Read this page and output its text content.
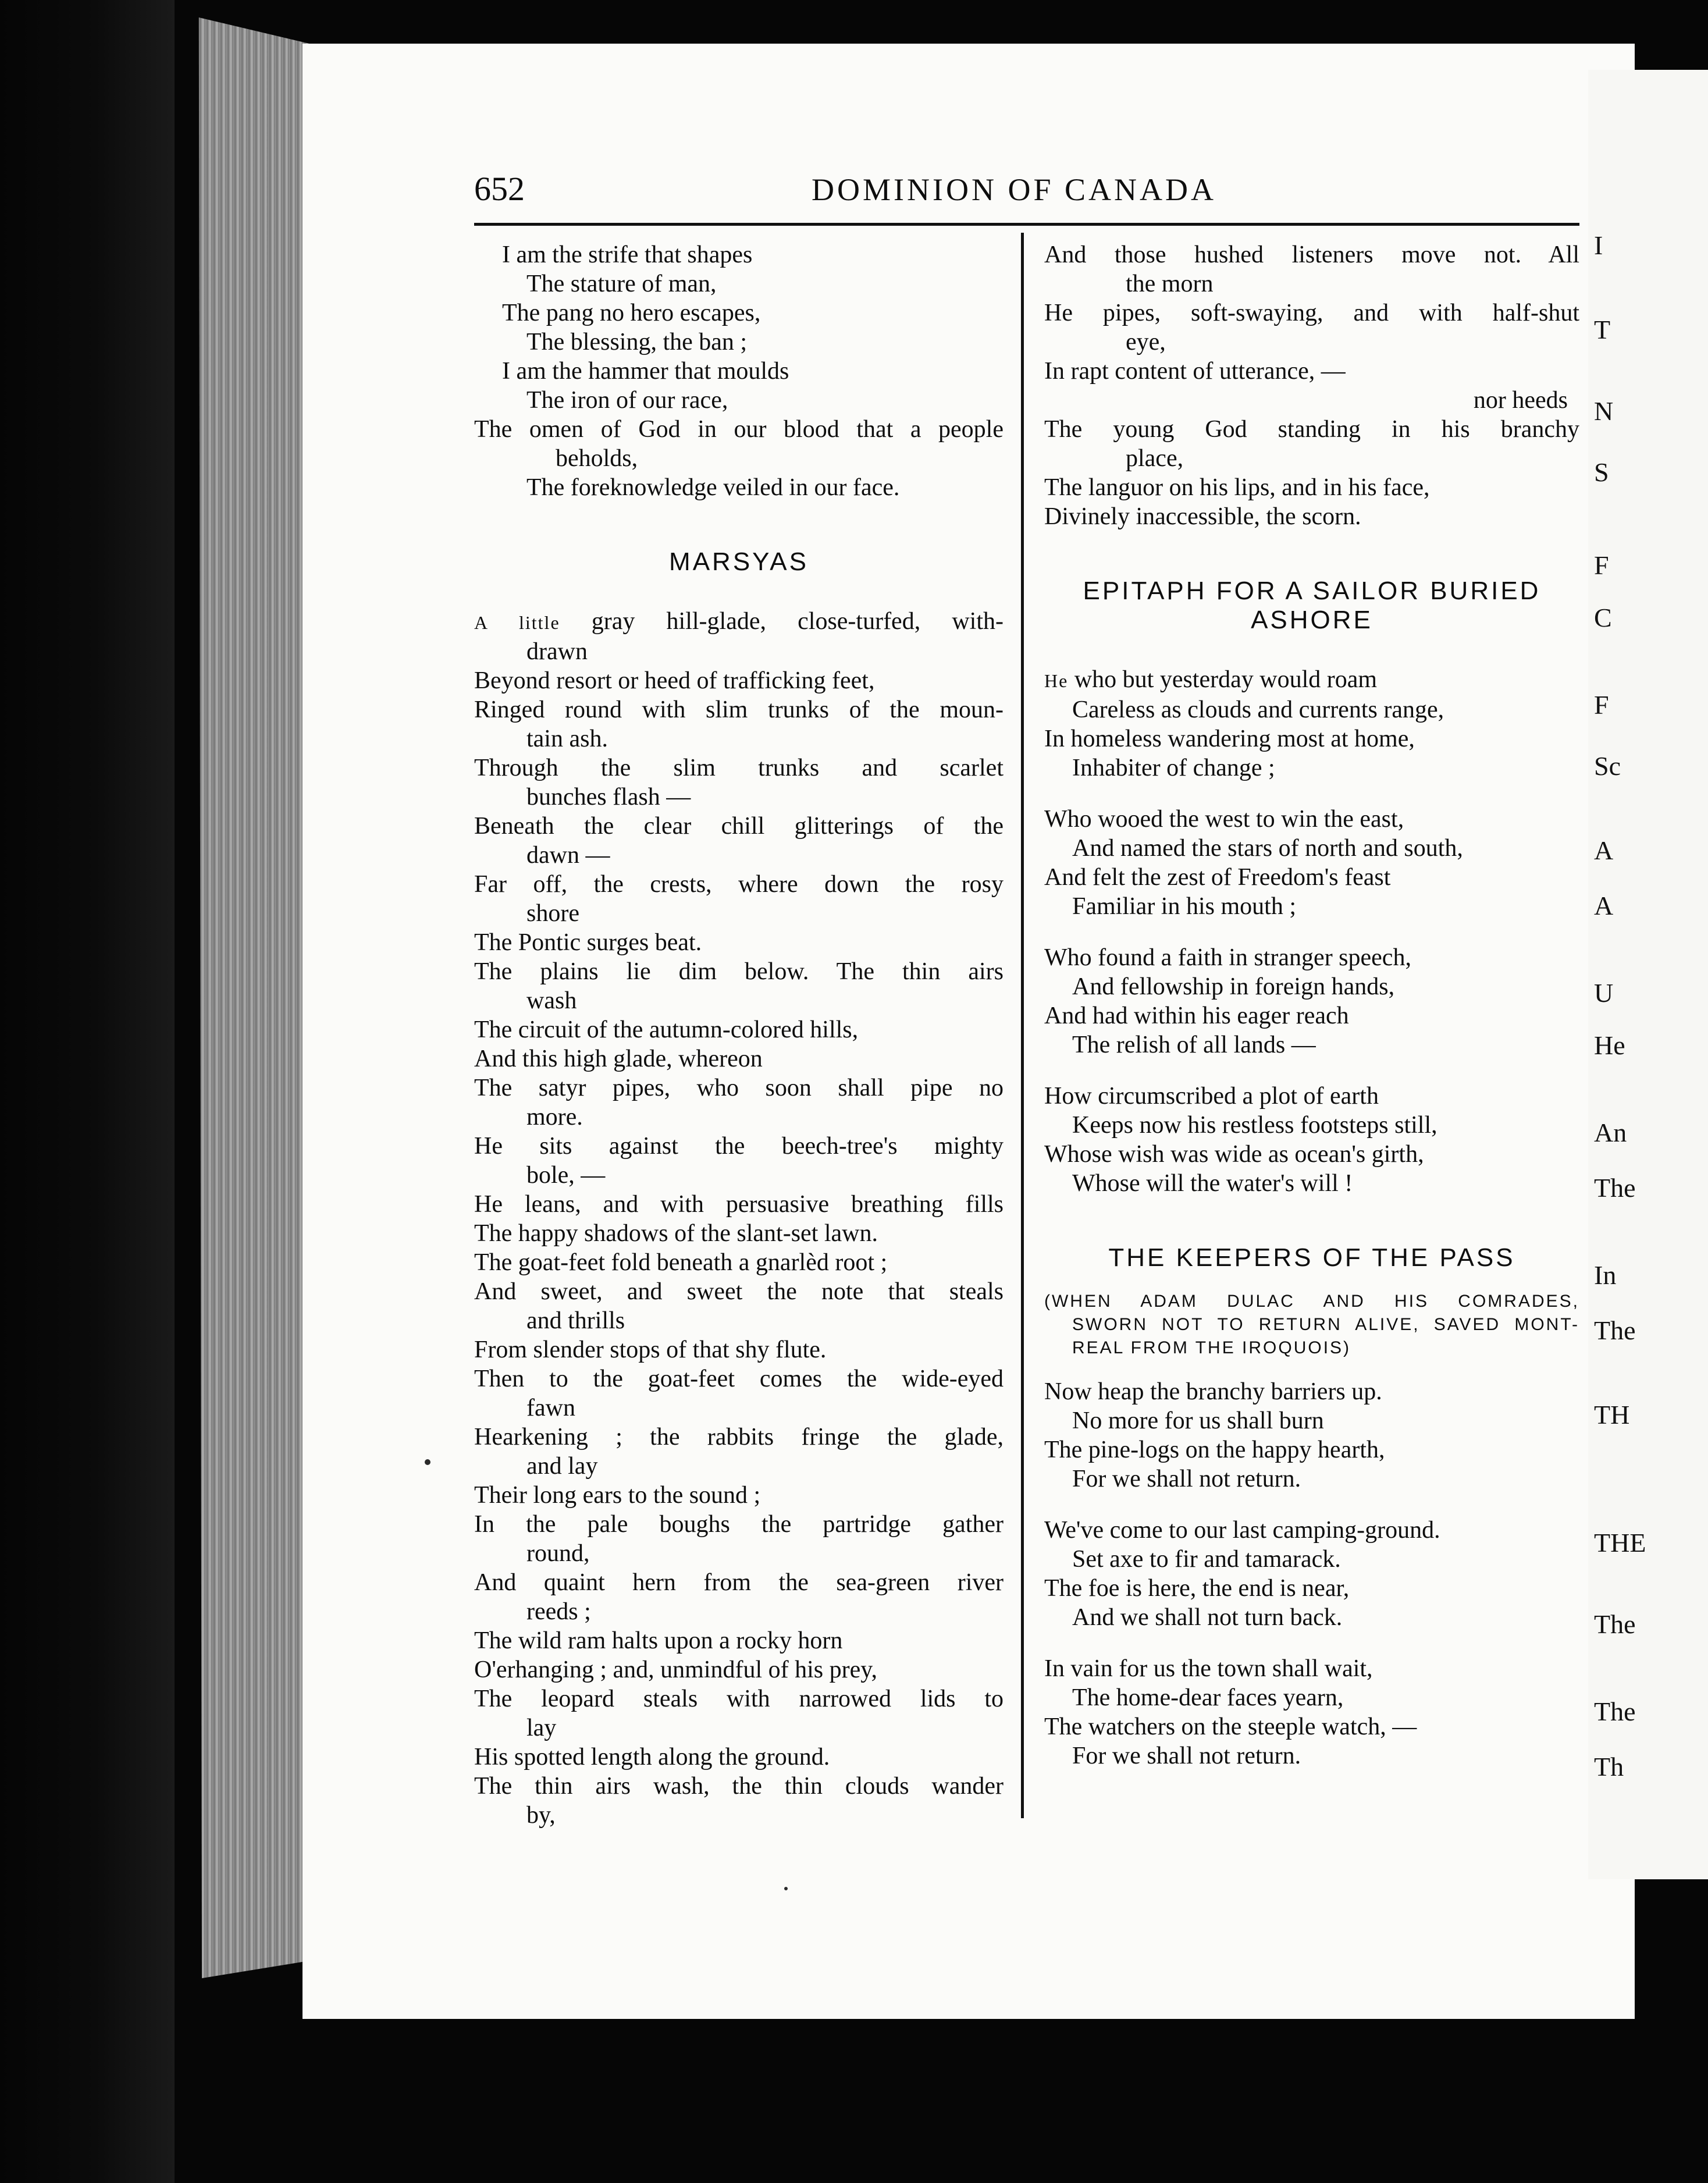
I
T
N
S
F
C
F
Sc
A
A
U
He
An
The
In
The
TH
THE
The
The
Th
652	DOMINION OF CANADA
I am the strife that shapes
The stature of man,
The pang no hero escapes,
The blessing, the ban ;
I am the hammer that moulds
The iron of our race,
The omen of God in our blood that a people
beholds,
The foreknowledge veiled in our face.
MARSYAS
A little gray hill-glade, close-turfed, with-
drawn
Beyond resort or heed of trafficking feet,
Ringed round with slim trunks of the moun-
tain ash.
Through the slim trunks and scarlet
bunches flash —
Beneath the clear chill glitterings of the
dawn —
Far off, the crests, where down the rosy
shore
The Pontic surges beat.
The plains lie dim below. The thin airs
wash
The circuit of the autumn-colored hills,
And this high glade, whereon
The satyr pipes, who soon shall pipe no
more.
He sits against the beech-tree's mighty
bole, —
He leans, and with persuasive breathing fills
The happy shadows of the slant-set lawn.
The goat-feet fold beneath a gnarlèd root ;
And sweet, and sweet the note that steals
and thrills
From slender stops of that shy flute.
Then to the goat-feet comes the wide-eyed
fawn
Hearkening ; the rabbits fringe the glade,
and lay
Their long ears to the sound ;
In the pale boughs the partridge gather
round,
And quaint hern from the sea-green river
reeds ;
The wild ram halts upon a rocky horn
O'erhanging ; and, unmindful of his prey,
The leopard steals with narrowed lids to
lay
His spotted length along the ground.
The thin airs wash, the thin clouds wander
by,
And those hushed listeners move not. All
the morn
He pipes, soft-swaying, and with half-shut
eye,
In rapt content of utterance, —
nor heeds
The young God standing in his branchy
place,
The languor on his lips, and in his face,
Divinely inaccessible, the scorn.
EPITAPH FOR A SAILOR BURIED
ASHORE
He who but yesterday would roam
Careless as clouds and currents range,
In homeless wandering most at home,
Inhabiter of change ;
Who wooed the west to win the east,
And named the stars of north and south,
And felt the zest of Freedom's feast
Familiar in his mouth ;
Who found a faith in stranger speech,
And fellowship in foreign hands,
And had within his eager reach
The relish of all lands —
How circumscribed a plot of earth
Keeps now his restless footsteps still,
Whose wish was wide as ocean's girth,
Whose will the water's will !
THE KEEPERS OF THE PASS
(WHEN ADAM DULAC AND HIS COMRADES,
SWORN NOT TO RETURN ALIVE, SAVED MONT-
REAL FROM THE IROQUOIS)
Now heap the branchy barriers up.
No more for us shall burn
The pine-logs on the happy hearth,
For we shall not return.
We've come to our last camping-ground.
Set axe to fir and tamarack.
The foe is here, the end is near,
And we shall not turn back.
In vain for us the town shall wait,
The home-dear faces yearn,
The watchers on the steeple watch, —
For we shall not return.
